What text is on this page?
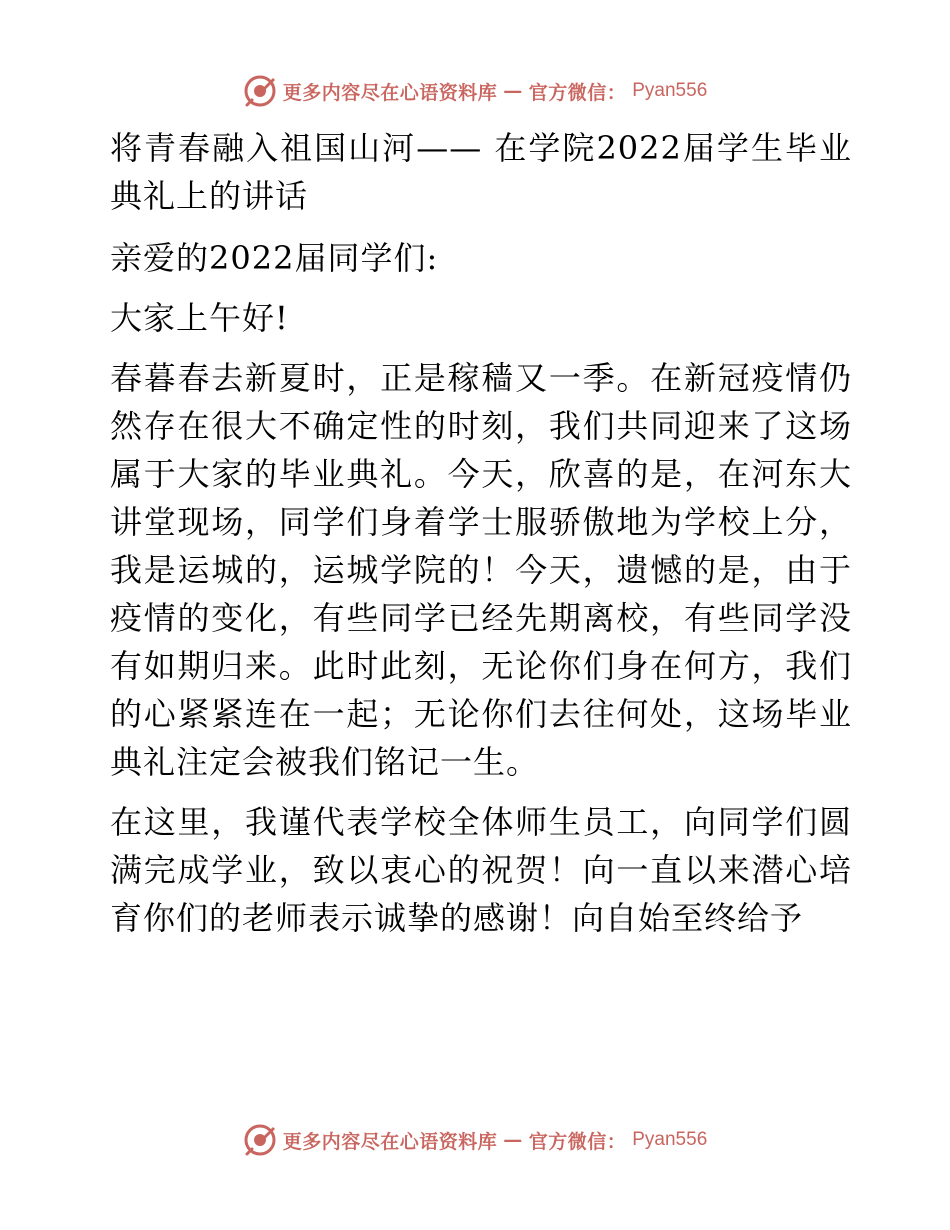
更多内容尽在心语资料库 — 官方微信： Pyan556

将青春融入祖国山河—— 在学院2022届学生毕业典礼上的讲话

亲爱的2022届同学们:

大家上午好!

春暮春去新夏时，正是稼穑又一季。在新冠疫情仍然存在很大不确定性的时刻，我们共同迎来了这场属于大家的毕业典礼。今天，欣喜的是，在河东大讲堂现场，同学们身着学士服骄傲地为学校上分，我是运城的，运城学院的！今天，遗憾的是，由于疫情的变化，有些同学已经先期离校，有些同学没有如期归来。此时此刻，无论你们身在何方，我们的心紧紧连在一起；无论你们去往何处，这场毕业典礼注定会被我们铭记一生。

在这里，我谨代表学校全体师生员工，向同学们圆满完成学业，致以衷心的祝贺！向一直以来潜心培育你们的老师表示诚挚的感谢！向自始至终给予

更多内容尽在心语资料库 — 官方微信： Pyan556
